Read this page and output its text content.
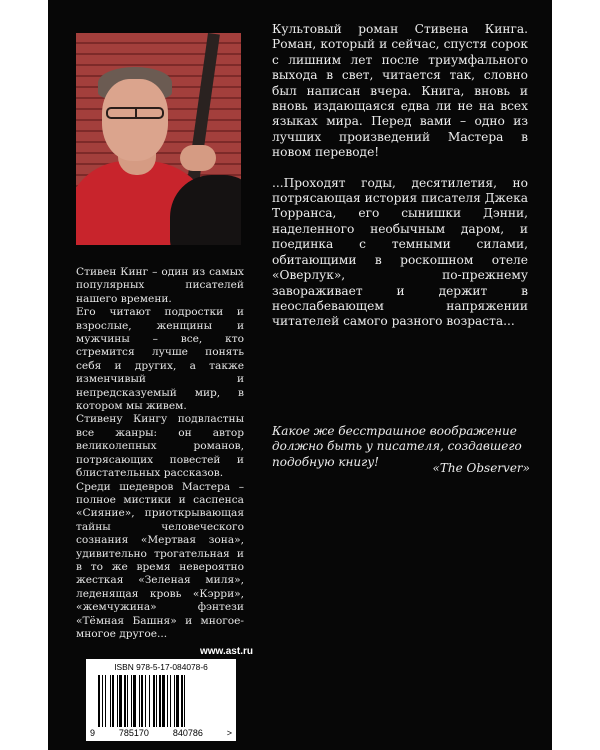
Стивен Кинг – один из самых популярных писателей нашего времени.

Его читают подростки и взрослые, женщины и мужчины – все, кто стремится лучше понять себя и других, а также изменчивый и непредсказуемый мир, в котором мы живем.

Стивену Кингу подвластны все жанры: он автор великолепных романов, потрясающих повестей и блистательных рассказов.

Среди шедевров Мастера – полное мистики и саспенса «Сияние», приоткрывающая тайны человеческого сознания «Мертвая зона», удивительно трогательная и в то же время невероятно жесткая «Зеленая миля», леденящая кровь «Кэрри», «жемчужина» фэнтези «Тёмная Башня» и многое-многое другое...

Культовый роман Стивена Кинга. Роман, который и сейчас, спустя сорок с лишним лет после триумфального выхода в свет, читается так, словно был написан вчера. Книга, вновь и вновь издающаяся едва ли не на всех языках мира. Перед вами – одно из лучших произведений Мастера в новом переводе!

...Проходят годы, десятилетия, но потрясающая история писателя Джека Торранса, его сынишки Дэнни, наделенного необычным даром, и поединка с темными силами, обитающими в роскошном отеле «Оверлук», по-прежнему завораживает и держит в неослабевающем напряжении читателей самого разного возраста...

Какое же бесстрашное воображение должно быть у писателя, создавшего подобную книгу!	«The Observer»
www.ast.ru
ISBN 978-5-17-084078-6
9	785170	840786	>
